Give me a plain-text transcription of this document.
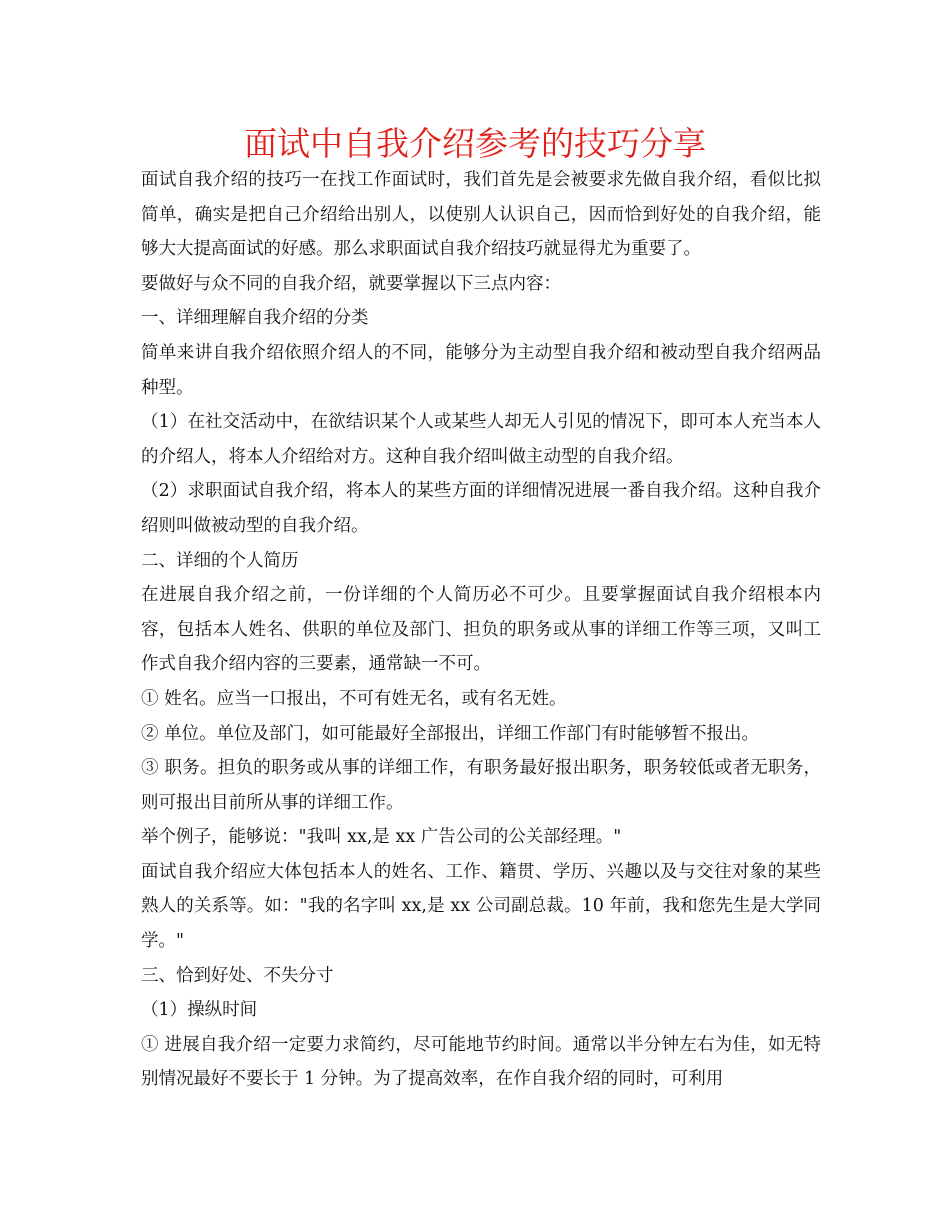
面试中自我介绍参考的技巧分享

面试自我介绍的技巧一在找工作面试时，我们首先是会被要求先做自我介绍，看似比拟简单，确实是把自己介绍给出别人，以使别人认识自己，因而恰到好处的自我介绍，能够大大提高面试的好感。那么求职面试自我介绍技巧就显得尤为重要了。

要做好与众不同的自我介绍，就要掌握以下三点内容：

一、详细理解自我介绍的分类

简单来讲自我介绍依照介绍人的不同，能够分为主动型自我介绍和被动型自我介绍两品种型。

（1）在社交活动中，在欲结识某个人或某些人却无人引见的情况下，即可本人充当本人的介绍人，将本人介绍给对方。这种自我介绍叫做主动型的自我介绍。

（2）求职面试自我介绍，将本人的某些方面的详细情况进展一番自我介绍。这种自我介绍则叫做被动型的自我介绍。

二、详细的个人简历

在进展自我介绍之前，一份详细的个人简历必不可少。且要掌握面试自我介绍根本内容，包括本人姓名、供职的单位及部门、担负的职务或从事的详细工作等三项，又叫工作式自我介绍内容的三要素，通常缺一不可。

① 姓名。应当一口报出，不可有姓无名，或有名无姓。

② 单位。单位及部门，如可能最好全部报出，详细工作部门有时能够暂不报出。

③ 职务。担负的职务或从事的详细工作，有职务最好报出职务，职务较低或者无职务，则可报出目前所从事的详细工作。

举个例子，能够说："我叫 xx,是 xx 广告公司的公关部经理。"

面试自我介绍应大体包括本人的姓名、工作、籍贯、学历、兴趣以及与交往对象的某些熟人的关系等。如："我的名字叫 xx,是 xx 公司副总裁。10 年前，我和您先生是大学同学。"

三、恰到好处、不失分寸

（1）操纵时间

① 进展自我介绍一定要力求简约，尽可能地节约时间。通常以半分钟左右为佳，如无特别情况最好不要长于 1 分钟。为了提高效率，在作自我介绍的同时，可利用
